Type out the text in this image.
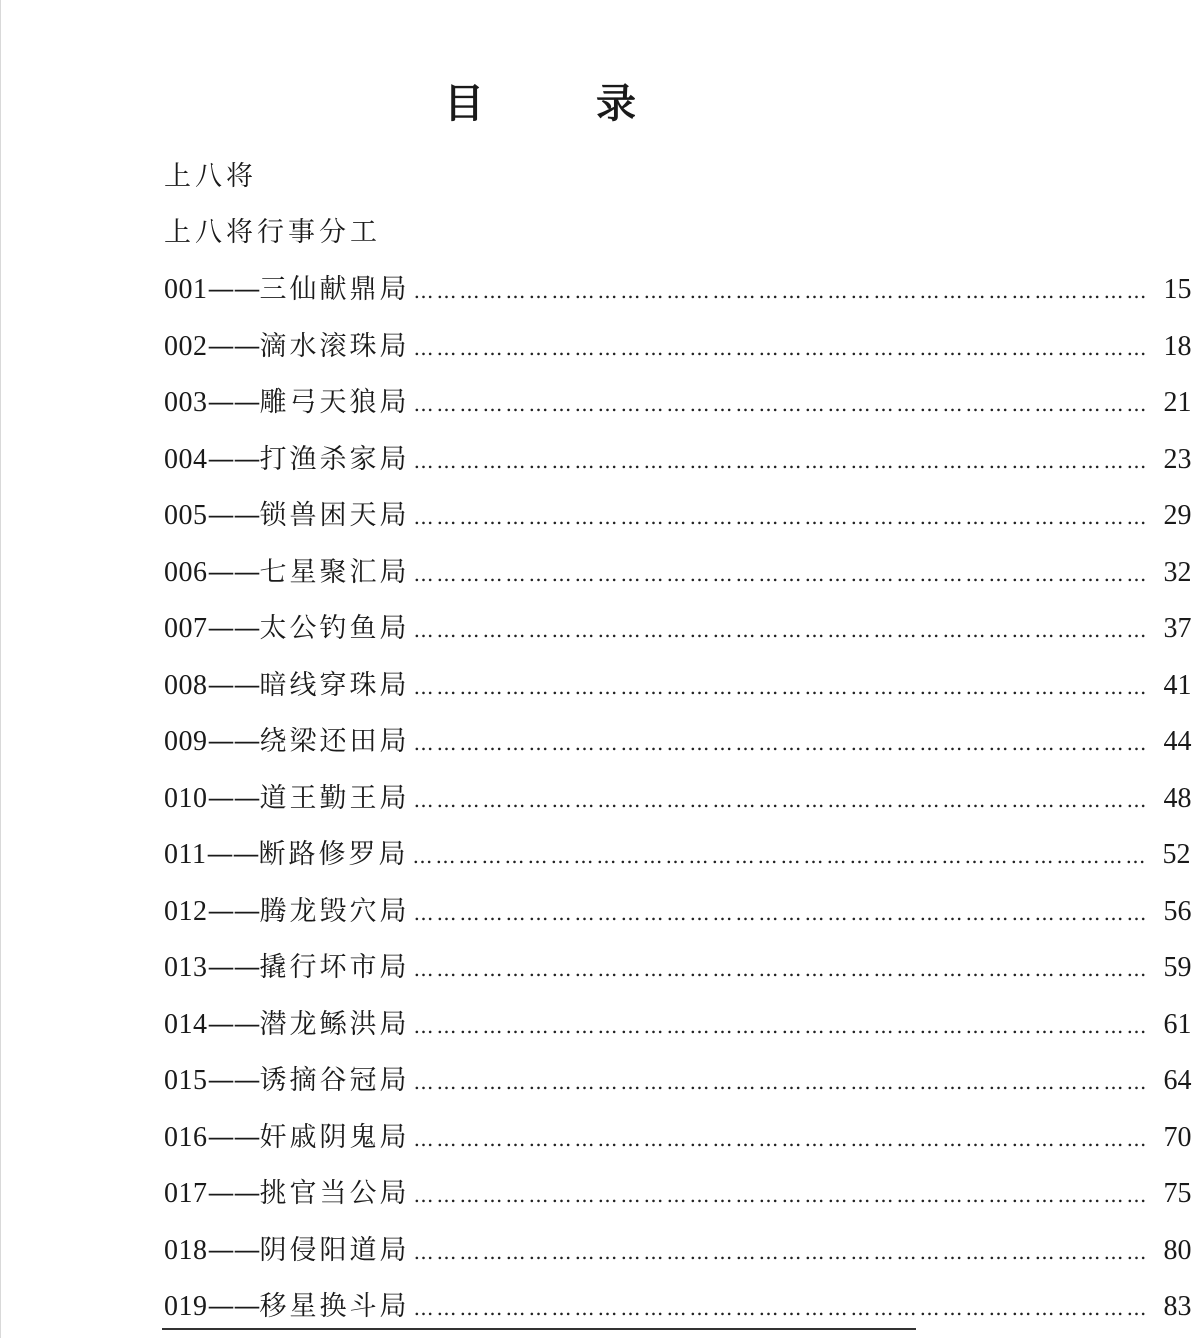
目　录
上八将
上八将行事分工
001 —— 三仙献鼎局 …………………………………………………………………………………… 15
002 —— 滴水滚珠局 …………………………………………………………………………………… 18
003 —— 雕弓天狼局 …………………………………………………………………………………… 21
004 —— 打渔杀家局 …………………………………………………………………………………… 23
005 —— 锁兽困天局 …………………………………………………………………………………… 29
006 —— 七星聚汇局 …………………………………………………………………………………… 32
007 —— 太公钓鱼局 …………………………………………………………………………………… 37
008 —— 暗线穿珠局 …………………………………………………………………………………… 41
009 —— 绕梁还田局 …………………………………………………………………………………… 44
010 —— 道王勤王局 …………………………………………………………………………………… 48
011 —— 断路修罗局 …………………………………………………………………………………… 52
012 —— 腾龙毁穴局 …………………………………………………………………………………… 56
013 —— 撬行坏市局 …………………………………………………………………………………… 59
014 —— 潜龙鲧洪局 …………………………………………………………………………………… 61
015 —— 诱摘谷冠局 …………………………………………………………………………………… 64
016 —— 奸戚阴鬼局 …………………………………………………………………………………… 70
017 —— 挑官当公局 …………………………………………………………………………………… 75
018 —— 阴侵阳道局 …………………………………………………………………………………… 80
019 —— 移星换斗局 …………………………………………………………………………………… 83
